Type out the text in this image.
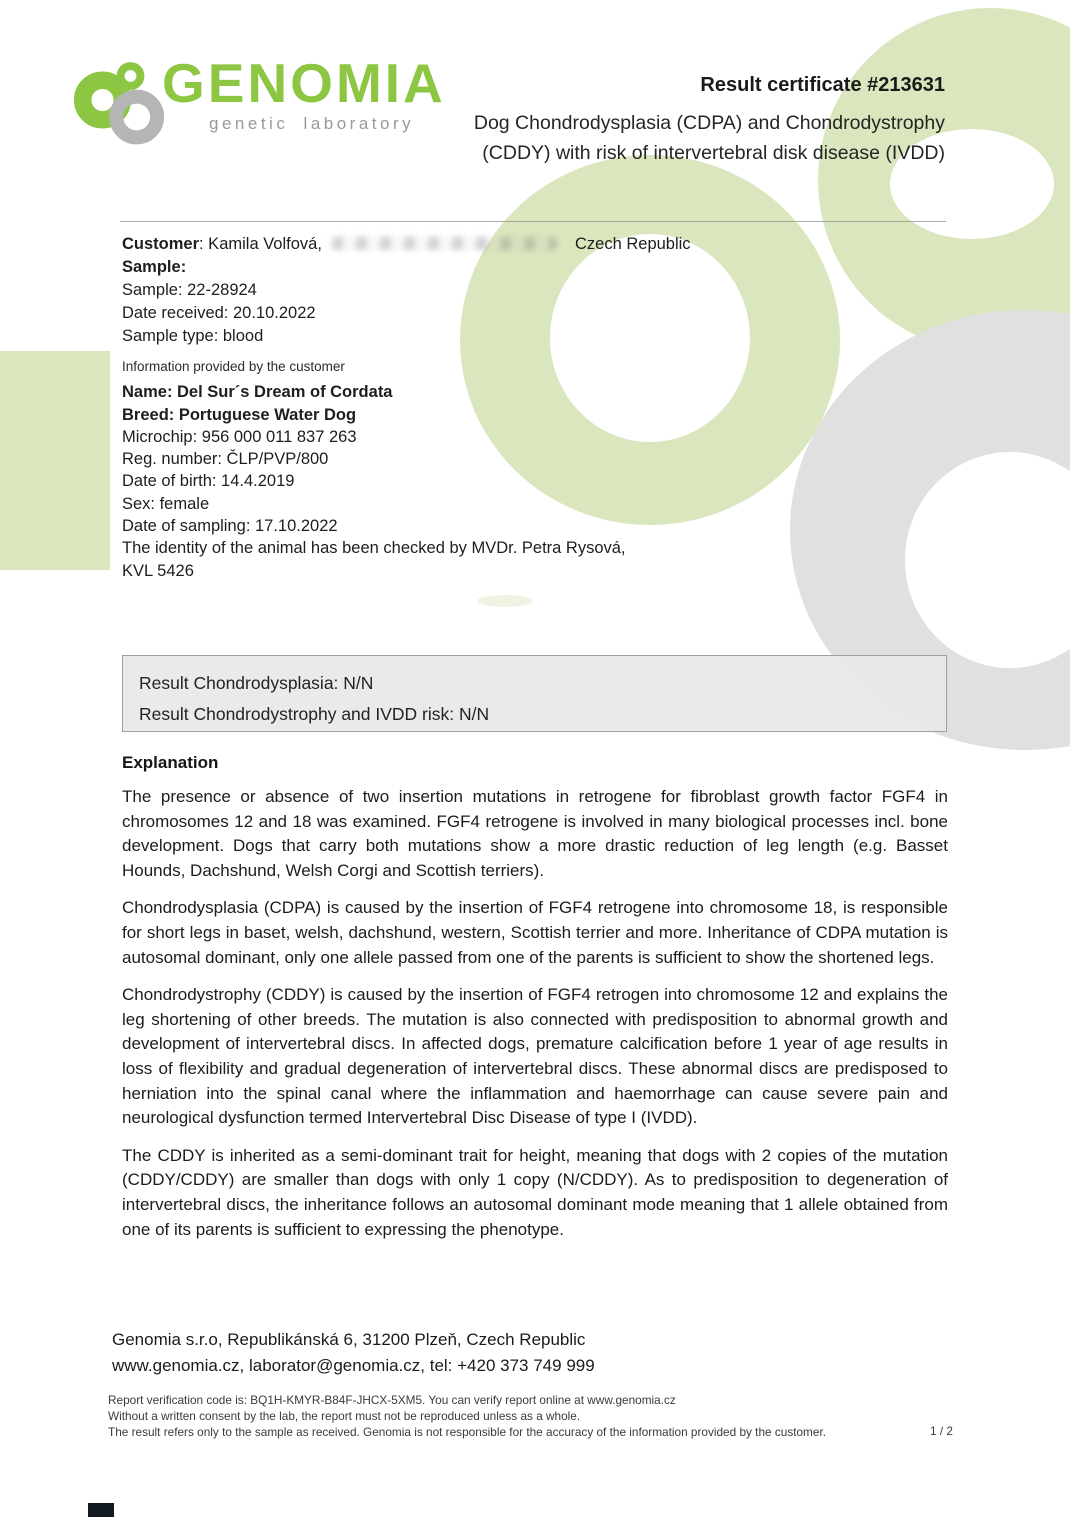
GENOMIA
genetic laboratory
Result certificate #213631
Dog Chondrodysplasia (CDPA) and Chondrodystrophy (CDDY) with risk of intervertebral disk disease (IVDD)
Customer: Kamila Volfová,	Czech Republic
Sample:
Sample: 22-28924
Date received: 20.10.2022
Sample type: blood
Information provided by the customer
Name: Del Sur´s Dream of Cordata
Breed: Portuguese Water Dog
Microchip: 956 000 011 837 263
Reg. number: ČLP/PVP/800
Date of birth: 14.4.2019
Sex: female
Date of sampling: 17.10.2022
The identity of the animal has been checked by MVDr. Petra Rysová, KVL 5426
Result Chondrodysplasia: N/N
Result Chondrodystrophy and IVDD risk: N/N
Explanation

The presence or absence of two insertion mutations in retrogene for fibroblast growth factor FGF4 in chromosomes 12 and 18 was examined. FGF4 retrogene is involved in many biological processes incl. bone development. Dogs that carry both mutations show a more drastic reduction of leg length (e.g. Basset Hounds, Dachshund, Welsh Corgi and Scottish terriers).

Chondrodysplasia (CDPA) is caused by the insertion of FGF4 retrogene into chromosome 18, is responsible for short legs in baset, welsh, dachshund, western, Scottish terrier and more. Inheritance of CDPA mutation is autosomal dominant, only one allele passed from one of the parents is sufficient to show the shortened legs.

Chondrodystrophy (CDDY) is caused by the insertion of FGF4 retrogen into chromosome 12 and explains the leg shortening of other breeds. The mutation is also connected with predisposition to abnormal growth and development of intervertebral discs. In affected dogs, premature calcification before 1 year of age results in loss of flexibility and gradual degeneration of intervertebral discs. These abnormal discs are predisposed to herniation into the spinal canal where the inflammation and haemorrhage can cause severe pain and neurological dysfunction termed Intervertebral Disc Disease of type I (IVDD).

The CDDY is inherited as a semi-dominant trait for height, meaning that dogs with 2 copies of the mutation (CDDY/CDDY) are smaller than dogs with only 1 copy (N/CDDY). As to predisposition to degeneration of intervertebral discs, the inheritance follows an autosomal dominant mode meaning that 1 allele obtained from one of its parents is sufficient to expressing the phenotype.

Genomia s.r.o, Republikánská 6, 31200 Plzeň, Czech Republic
www.genomia.cz, laborator@genomia.cz, tel: +420 373 749 999
Report verification code is: BQ1H-KMYR-B84F-JHCX-5XM5. You can verify report online at www.genomia.cz
Without a written consent by the lab, the report must not be reproduced unless as a whole.
The result refers only to the sample as received. Genomia is not responsible for the accuracy of the information provided by the customer.	1 / 2
